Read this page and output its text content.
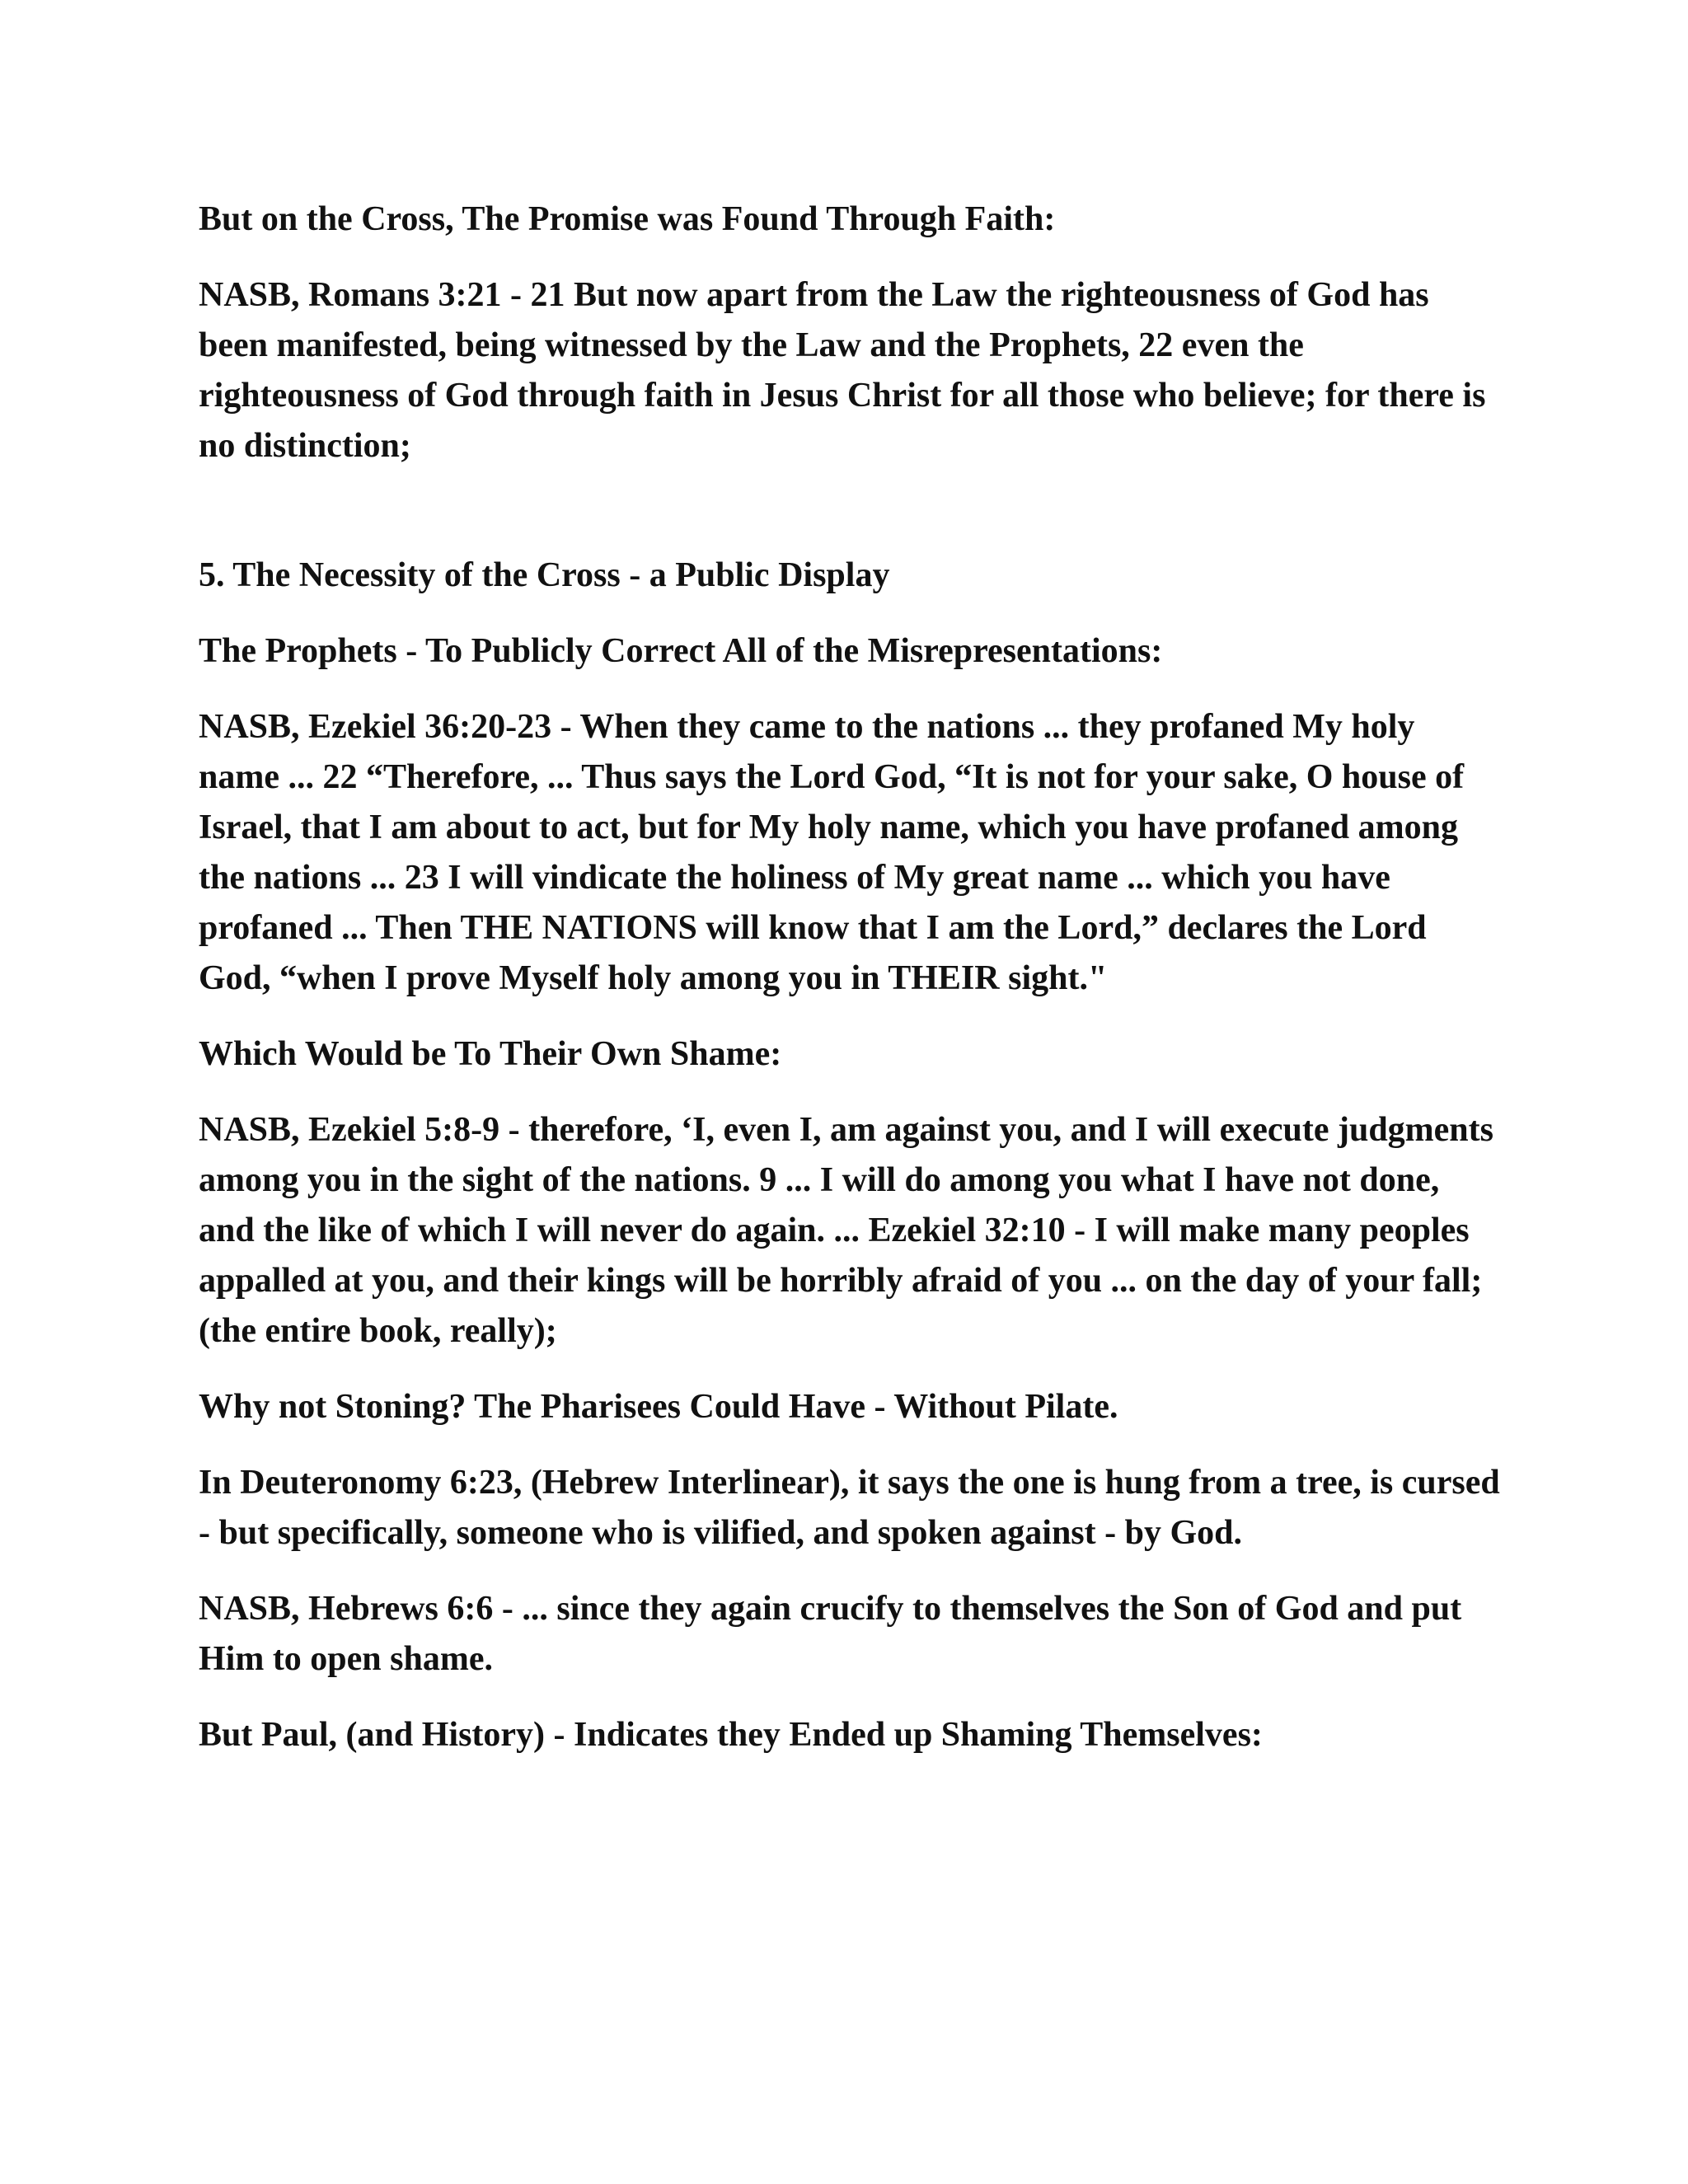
But on the Cross, The Promise was Found Through Faith:

NASB, Romans 3:21 - 21 But now apart from the Law the righteousness of God has been manifested, being witnessed by the Law and the Prophets, 22 even the righteousness of God through faith in Jesus Christ for all those who believe; for there is no distinction;

5. The Necessity of the Cross - a Public Display

The Prophets - To Publicly Correct All of the Misrepresentations:

NASB, Ezekiel 36:20-23 - When they came to the nations ... they profaned My holy name ... 22 “Therefore, ... Thus says the Lord God, “It is not for your sake, O house of Israel, that I am about to act, but for My holy name, which you have profaned among the nations ... 23 I will vindicate the holiness of My great name ... which you have profaned ... Then THE NATIONS will know that I am the Lord,” declares the Lord God, “when I prove Myself holy among you in THEIR sight."

Which Would be To Their Own Shame:

NASB, Ezekiel 5:8-9 - therefore, ‘I, even I, am against you, and I will execute judgments among you in the sight of the nations. 9 ... I will do among you what I have not done, and the like of which I will never do again. ... Ezekiel 32:10 - I will make many peoples appalled at you, and their kings will be horribly afraid of you ... on the day of your fall; (the entire book, really);

Why not Stoning? The Pharisees Could Have - Without Pilate.

In Deuteronomy 6:23, (Hebrew Interlinear), it says the one is hung from a tree, is cursed - but specifically, someone who is vilified, and spoken against - by God.

NASB, Hebrews 6:6 - ... since they again crucify to themselves the Son of God and put Him to open shame.

But Paul, (and History) - Indicates they Ended up Shaming Themselves:
